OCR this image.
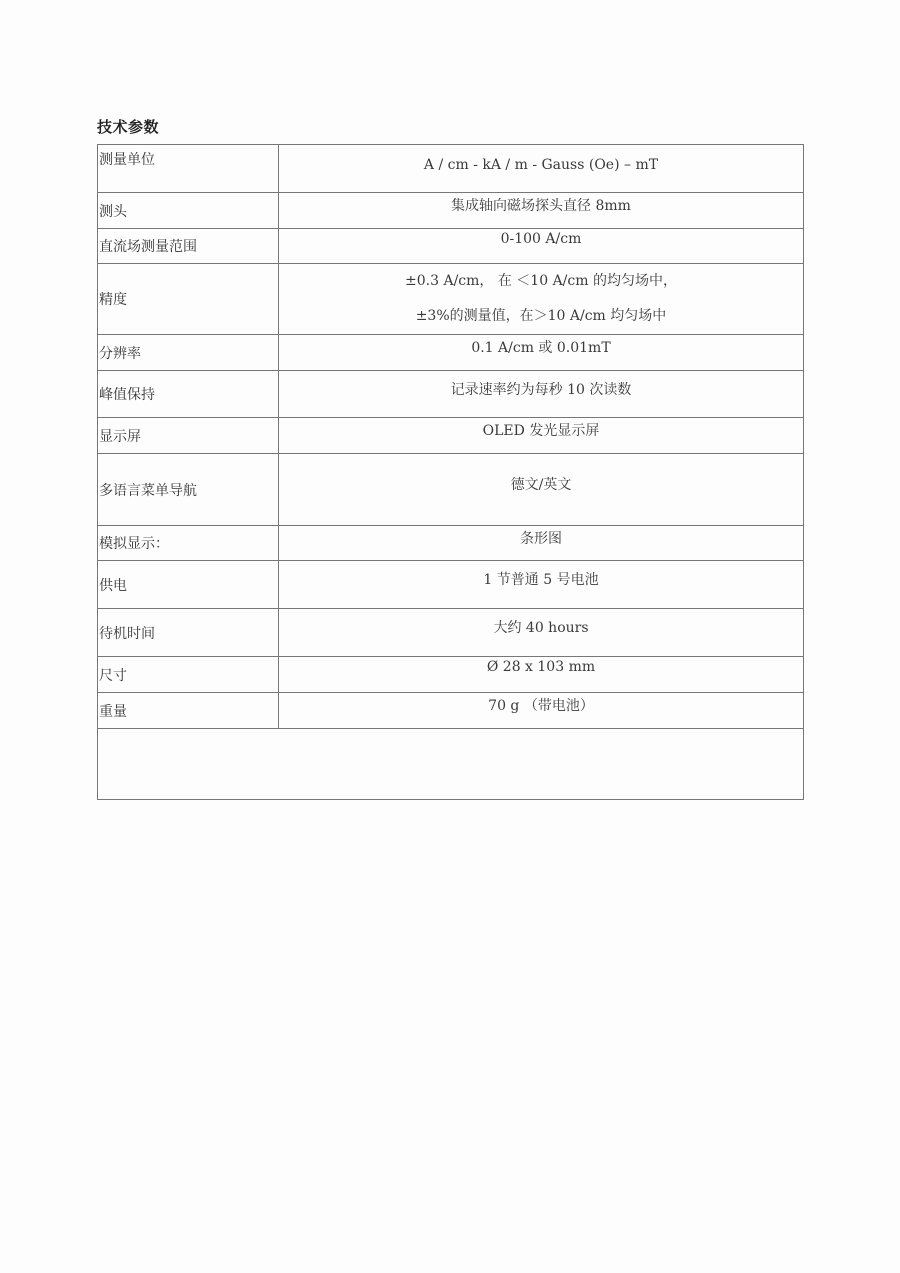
技术参数
测量单位	A / cm - kA / m - Gauss (Oe) – mT

测头	集成轴向磁场探头直径 8mm
直流场测量范围	0-100 A/cm
精度	±0.3 A/cm， 在 ＜10 A/cm 的均匀场中，
±3%的测量值，在＞10 A/cm 均匀场中

分辨率	0.1 A/cm 或 0.01mT
峰值保持	记录速率约为每秒 10 次读数
显示屏	OLED 发光显示屏
多语言菜单导航	德文/英文
模拟显示：	条形图
供电	1 节普通 5 号电池
待机时间	大约 40 hours
尺寸	Ø 28 x 103 mm
重量	70 g （带电池）
